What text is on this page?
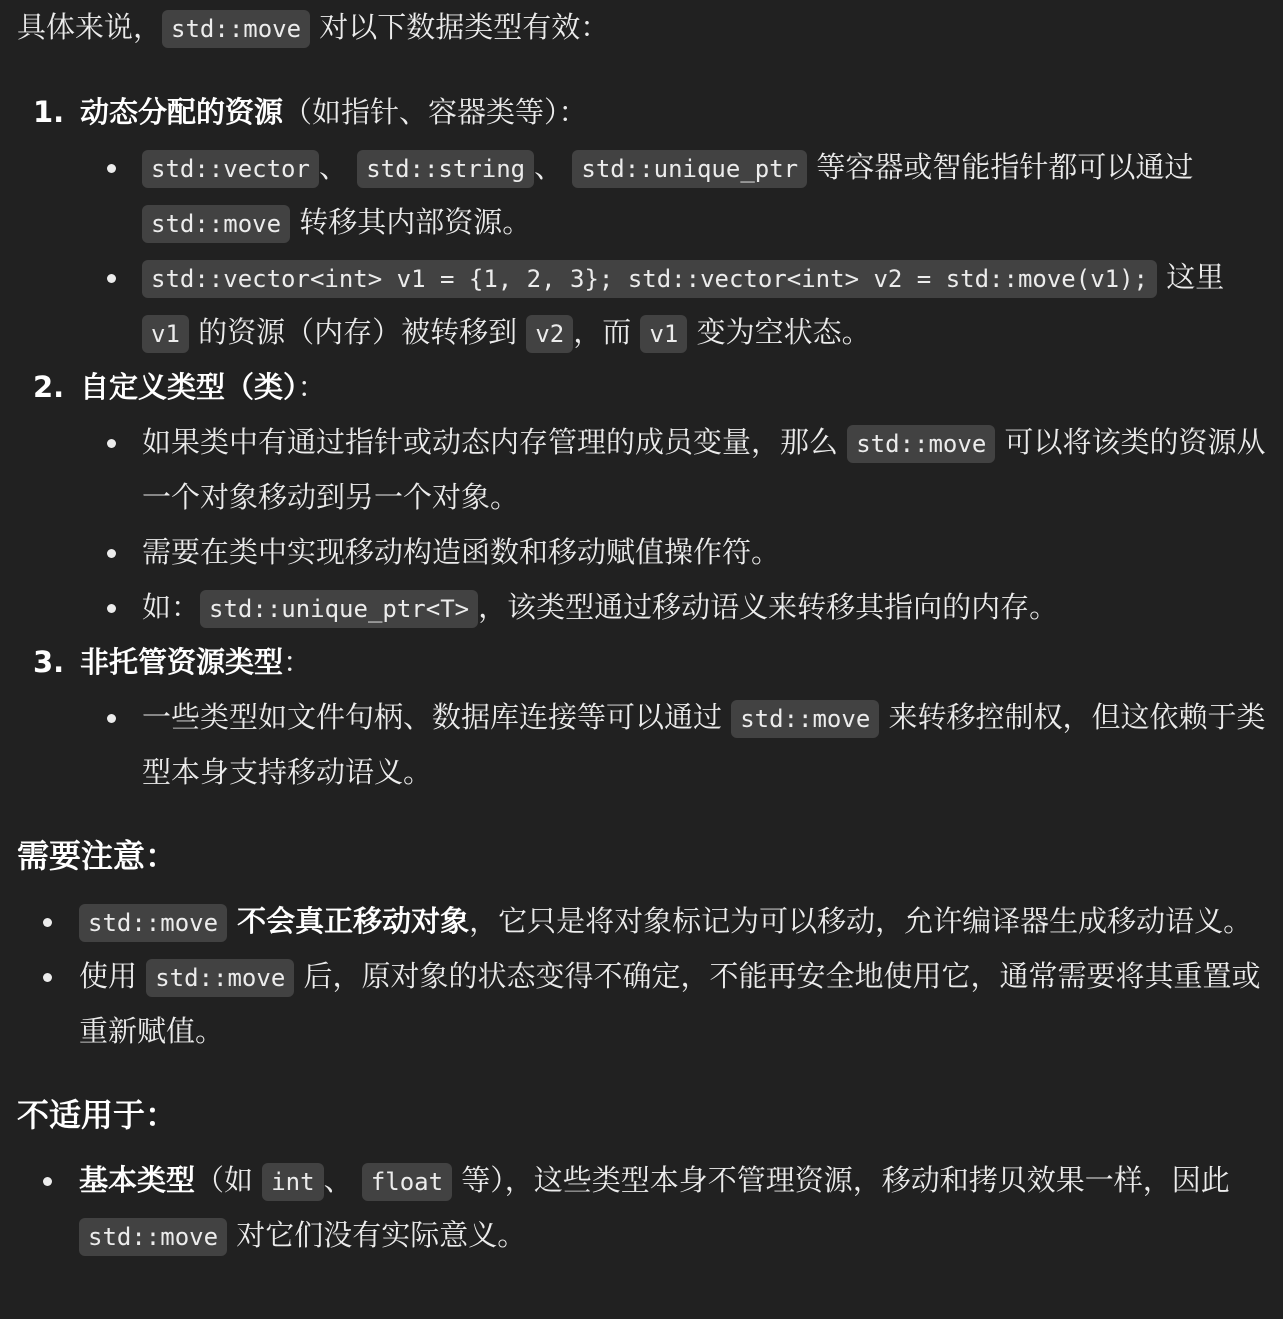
具体来说， std::move 对以下数据类型有效：

1. 动态分配的资源（如指针、容器类等）：

std::vector 、 std::string 、 std::unique_ptr 等容器或智能指针都可以通过 std::move 转移其内部资源。
std::vector<int> v1 = {1, 2, 3}; std::vector<int> v2 = std::move(v1); 这里 v1 的资源（内存）被转移到 v2 ，而 v1 变为空状态。
2. 自定义类型（类）：

如果类中有通过指针或动态内存管理的成员变量，那么 std::move 可以将该类的资源从一个对象移动到另一个对象。
需要在类中实现移动构造函数和移动赋值操作符。
如： std::unique_ptr<T> ，该类型通过移动语义来转移其指向的内存。
3. 非托管资源类型：

一些类型如文件句柄、数据库连接等可以通过 std::move 来转移控制权，但这依赖于类型本身支持移动语义。
需要注意：
std::move 不会真正移动对象，它只是将对象标记为可以移动，允许编译器生成移动语义。
使用 std::move 后，原对象的状态变得不确定，不能再安全地使用它，通常需要将其重置或重新赋值。
不适用于：
基本类型（如 int 、 float 等），这些类型本身不管理资源，移动和拷贝效果一样，因此 std::move 对它们没有实际意义。
